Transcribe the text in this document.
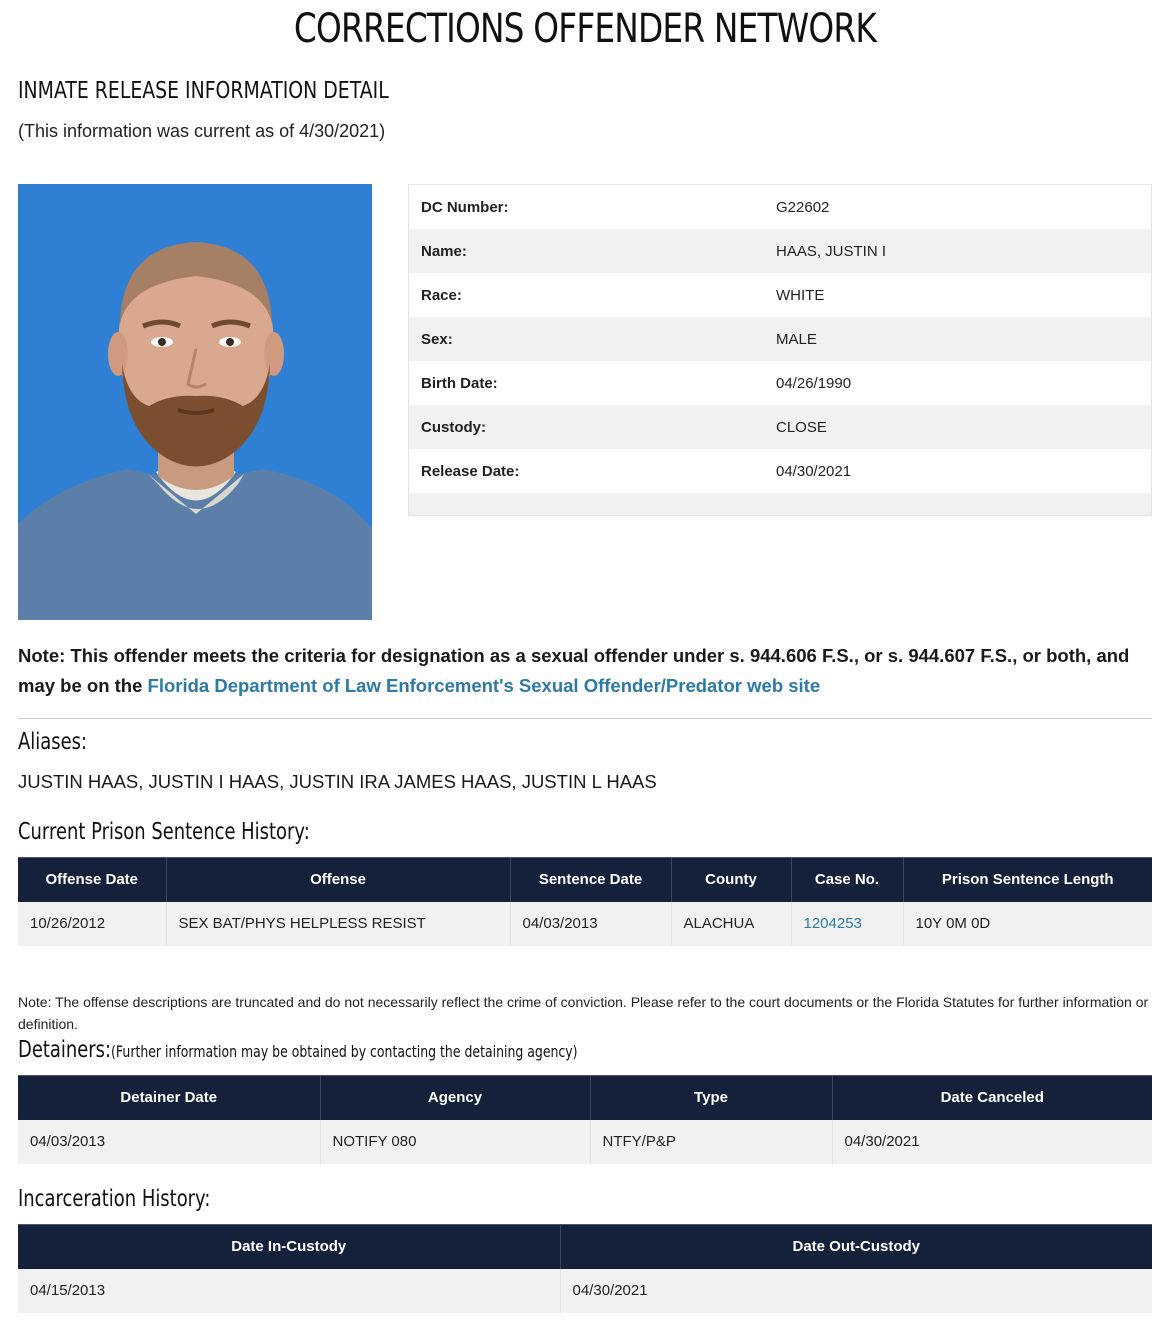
CORRECTIONS OFFENDER NETWORK
INMATE RELEASE INFORMATION DETAIL
(This information was current as of 4/30/2021)
DC Number:	G22602
Name:	HAAS, JUSTIN I
Race:	WHITE
Sex:	MALE
Birth Date:	04/26/1990
Custody:	CLOSE
Release Date:	04/30/2021
Note: This offender meets the criteria for designation as a sexual offender under s. 944.606 F.S., or s. 944.607 F.S., or both, and may be on the Florida Department of Law Enforcement's Sexual Offender/Predator web site
Aliases:
JUSTIN HAAS, JUSTIN I HAAS, JUSTIN IRA JAMES HAAS, JUSTIN L HAAS
Current Prison Sentence History:
Offense Date	Offense	Sentence Date	County	Case No.	Prison Sentence Length
10/26/2012	SEX BAT/PHYS HELPLESS RESIST	04/03/2013	ALACHUA	1204253	10Y 0M 0D
Note: The offense descriptions are truncated and do not necessarily reflect the crime of conviction. Please refer to the court documents or the Florida Statutes for further information or definition.
Detainers:(Further information may be obtained by contacting the detaining agency)
Detainer Date	Agency	Type	Date Canceled
04/03/2013	NOTIFY 080	NTFY/P&P	04/30/2021
Incarceration History:
Date In-Custody	Date Out-Custody
04/15/2013	04/30/2021
